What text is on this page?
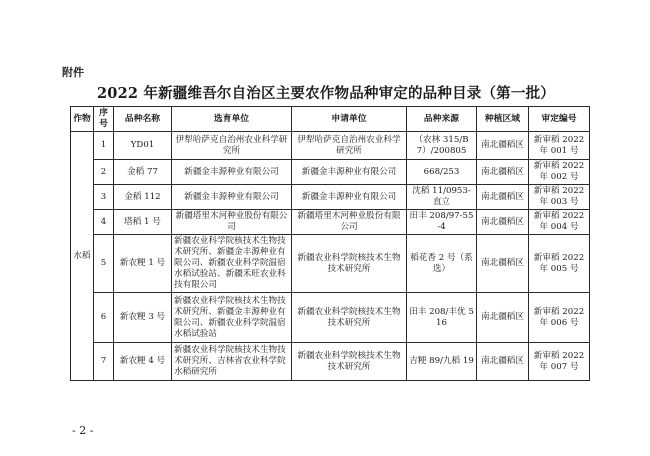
附件
2022 年新疆维吾尔自治区主要农作物品种审定的品种目录（第一批）
作物	序号	品种名称	选育单位	申请单位	品种来源	种植区域	审定编号
水稻	1	YD01	伊犁哈萨克自治州农业科学研究所	伊犁哈萨克自治州农业科学研究所	（农林 315/B7）/200805	南北疆稻区	新审稻 2022 年 001 号
	2	金稻 77	新疆金丰源种业有限公司	新疆金丰源种业有限公司	668/253	南北疆稻区	新审稻 2022 年 002 号
	3	金稻 112	新疆金丰源种业有限公司	新疆金丰源种业有限公司	沈稻 11/0953-直立	南北疆稻区	新审稻 2022 年 003 号
	4	塔稻 1 号	新疆塔里木河种业股份有限公司	新疆塔里木河种业股份有限公司	田丰 208/97-55-4	南北疆稻区	新审稻 2022 年 004 号
	5	新农粳 1 号	新疆农业科学院核技术生物技术研究所、新疆金丰源种业有限公司、新疆农业科学院温宿水稻试验站、新疆禾旺农业科技有限公司	新疆农业科学院核技术生物技术研究所	稻花香 2 号（系选）	南北疆稻区	新审稻 2022 年 005 号
	6	新农粳 3 号	新疆农业科学院核技术生物技术研究所、新疆金丰源种业有限公司、新疆农业科学院温宿水稻试验站	新疆农业科学院核技术生物技术研究所	田丰 208/丰优 516	南北疆稻区	新审稻 2022 年 006 号
	7	新农粳 4 号	新疆农业科学院核技术生物技术研究所、吉林省农业科学院水稻研究所	新疆农业科学院核技术生物技术研究所	吉粳 89/九稻 19	南北疆稻区	新审稻 2022 年 007 号
- 2 -
